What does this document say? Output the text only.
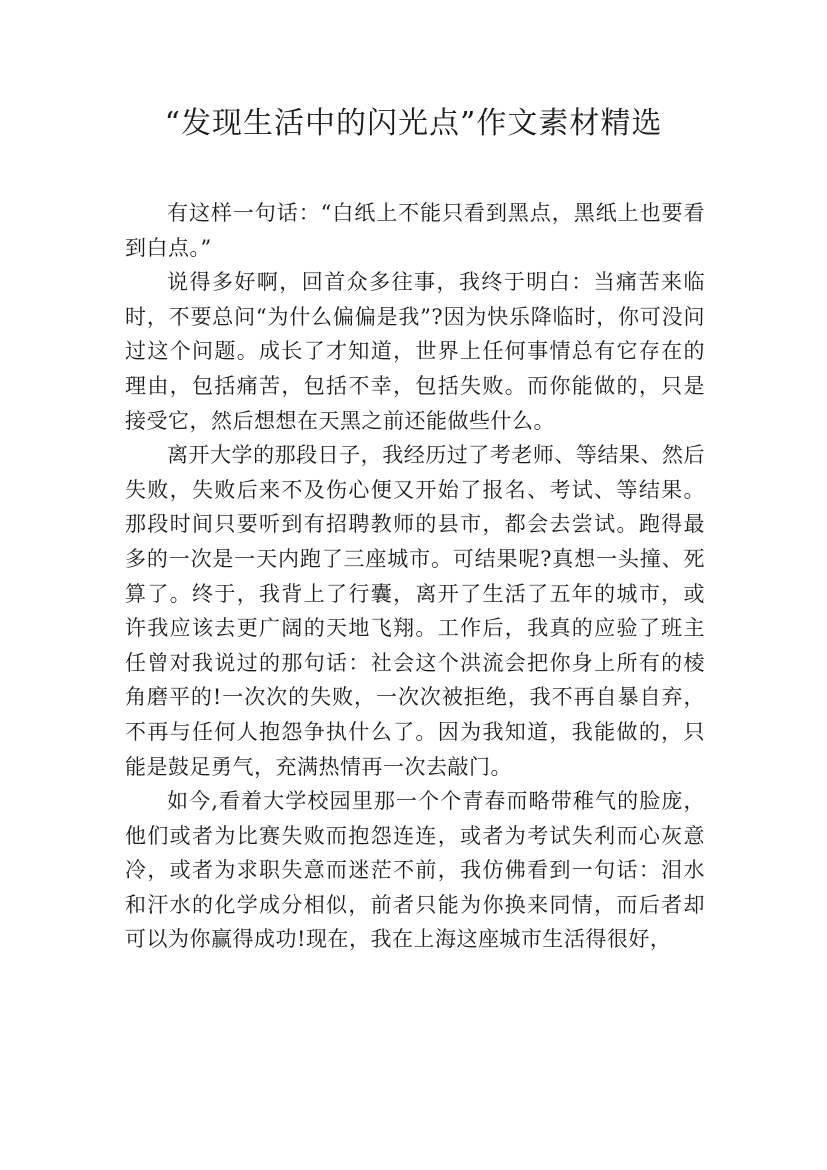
“发现生活中的闪光点”作文素材精选

有这样一句话：“白纸上不能只看到黑点，黑纸上也要看到白点。”

说得多好啊，回首众多往事，我终于明白：当痛苦来临时，不要总问“为什么偏偏是我”?因为快乐降临时，你可没问过这个问题。成长了才知道，世界上任何事情总有它存在的理由，包括痛苦，包括不幸，包括失败。而你能做的，只是接受它，然后想想在天黑之前还能做些什么。

离开大学的那段日子，我经历过了考老师、等结果、然后失败，失败后来不及伤心便又开始了报名、考试、等结果。那段时间只要听到有招聘教师的县市，都会去尝试。跑得最多的一次是一天内跑了三座城市。可结果呢?真想一头撞、死算了。终于，我背上了行囊，离开了生活了五年的城市，或许我应该去更广阔的天地飞翔。工作后，我真的应验了班主任曾对我说过的那句话：社会这个洪流会把你身上所有的棱角磨平的!一次次的失败，一次次被拒绝，我不再自暴自弃，不再与任何人抱怨争执什么了。因为我知道，我能做的，只能是鼓足勇气，充满热情再一次去敲门。

如今,看着大学校园里那一个个青春而略带稚气的脸庞，他们或者为比赛失败而抱怨连连，或者为考试失利而心灰意冷，或者为求职失意而迷茫不前，我仿佛看到一句话：泪水和汗水的化学成分相似，前者只能为你换来同情，而后者却可以为你赢得成功!现在，我在上海这座城市生活得很好，
